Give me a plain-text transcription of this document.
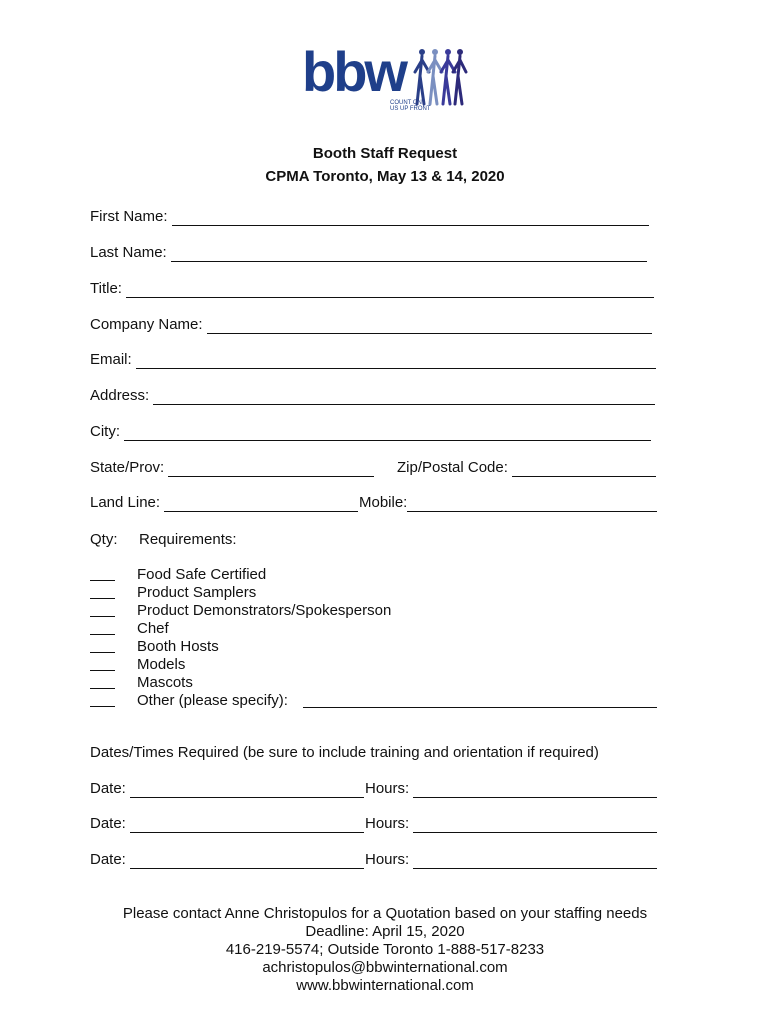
bbw
COUNT ON
US UP FRONT
Booth Staff Request
CPMA Toronto, May 13 & 14, 2020
First Name:
Last Name:
Title:
Company Name:
Email:
Address:
City:
State/Prov:	Zip/Postal Code:
Land Line:	Mobile:
Qty: Requirements:
Food Safe Certified
Product Samplers
Product Demonstrators/Spokesperson
Chef
Booth Hosts
Models
Mascots
Other (please specify):
Dates/Times Required (be sure to include training and orientation if required)
Date:	Hours:
Date:	Hours:
Date:	Hours:
Please contact Anne Christopulos for a Quotation based on your staffing needs
Deadline: April 15, 2020
416-219-5574; Outside Toronto 1-888-517-8233
achristopulos@bbwinternational.com
www.bbwinternational.com
